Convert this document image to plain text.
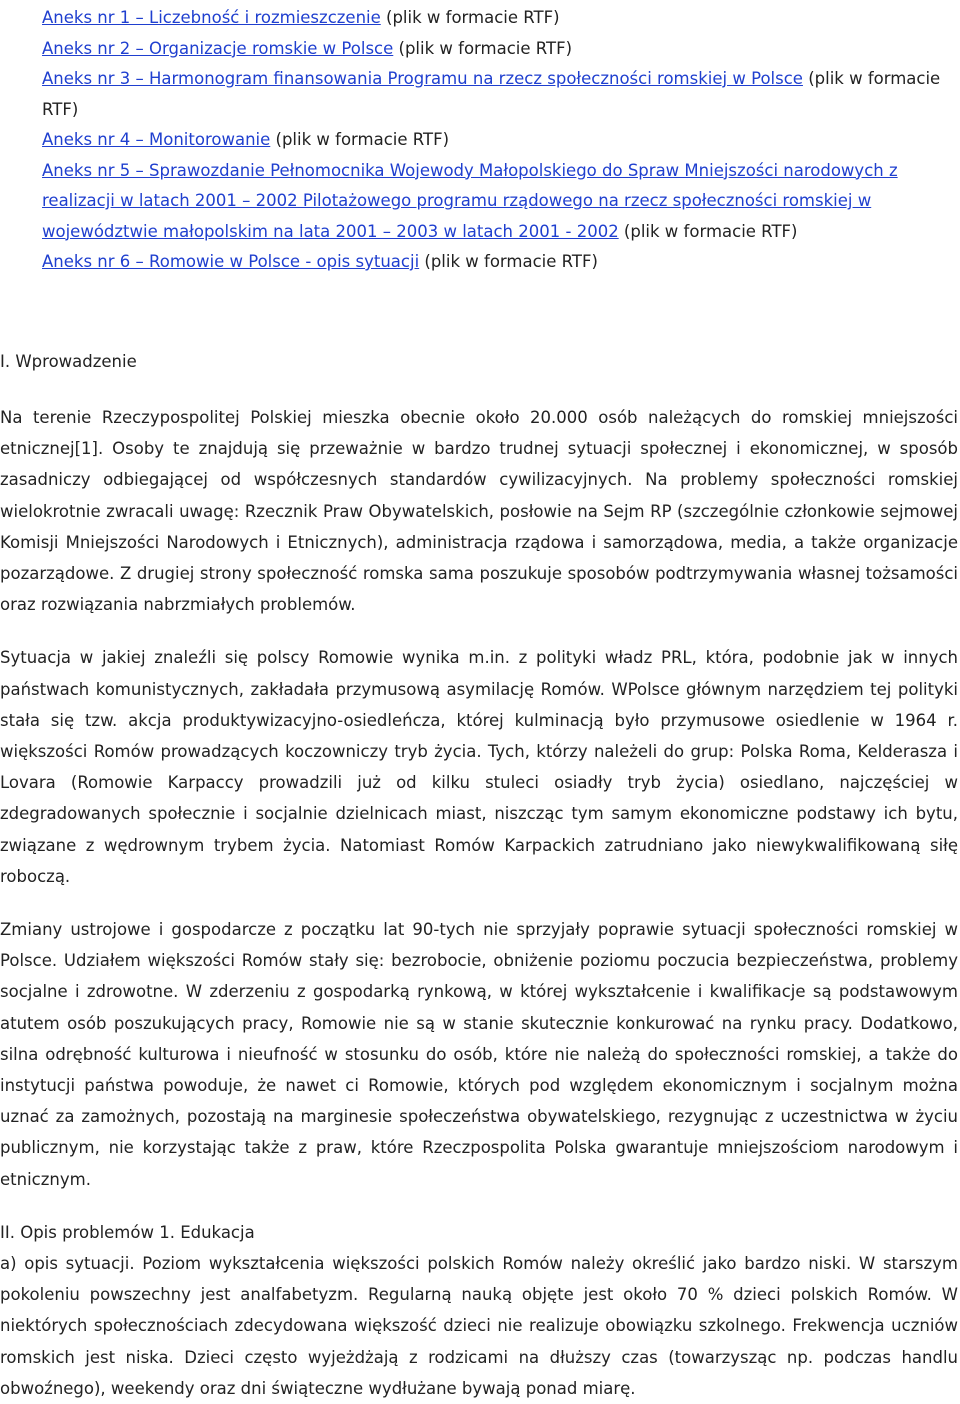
Aneks nr 1 – Liczebność i rozmieszczenie (plik w formacie RTF)
Aneks nr 2 – Organizacje romskie w Polsce (plik w formacie RTF)
Aneks nr 3 – Harmonogram finansowania Programu na rzecz społeczności romskiej w Polsce (plik w formacie RTF)
Aneks nr 4 – Monitorowanie (plik w formacie RTF)
Aneks nr 5 – Sprawozdanie Pełnomocnika Wojewody Małopolskiego do Spraw Mniejszości narodowych z realizacji w latach 2001 – 2002 Pilotażowego programu rządowego na rzecz społeczności romskiej w województwie małopolskim na lata 2001 – 2003 w latach 2001 - 2002 (plik w formacie RTF)
Aneks nr 6 – Romowie w Polsce - opis sytuacji (plik w formacie RTF)

I. Wprowadzenie

Na terenie Rzeczypospolitej Polskiej mieszka obecnie około 20.000 osób należących do romskiej mniejszości etnicznej[1]. Osoby te znajdują się przeważnie w bardzo trudnej sytuacji społecznej i ekonomicznej, w sposób zasadniczy odbiegającej od współczesnych standardów cywilizacyjnych. Na problemy społeczności romskiej wielokrotnie zwracali uwagę: Rzecznik Praw Obywatelskich, posłowie na Sejm RP (szczególnie członkowie sejmowej Komisji Mniejszości Narodowych i Etnicznych), administracja rządowa i samorządowa, media, a także organizacje pozarządowe. Z drugiej strony społeczność romska sama poszukuje sposobów podtrzymywania własnej tożsamości oraz rozwiązania nabrzmiałych problemów.

Sytuacja w jakiej znaleźli się polscy Romowie wynika m.in. z polityki władz PRL, która, podobnie jak w innych państwach komunistycznych, zakładała przymusową asymilację Romów. WPolsce głównym narzędziem tej polityki stała się tzw. akcja produktywizacyjno-osiedleńcza, której kulminacją było przymusowe osiedlenie w 1964 r. większości Romów prowadzących koczowniczy tryb życia. Tych, którzy należeli do grup: Polska Roma, Kelderasza i Lovara (Romowie Karpaccy prowadzili już od kilku stuleci osiadły tryb życia) osiedlano, najczęściej w zdegradowanych społecznie i socjalnie dzielnicach miast, niszcząc tym samym ekonomiczne podstawy ich bytu, związane z wędrownym trybem życia. Natomiast Romów Karpackich zatrudniano jako niewykwalifikowaną siłę roboczą.

Zmiany ustrojowe i gospodarcze z początku lat 90-tych nie sprzyjały poprawie sytuacji społeczności romskiej w Polsce. Udziałem większości Romów stały się: bezrobocie, obniżenie poziomu poczucia bezpieczeństwa, problemy socjalne i zdrowotne. W zderzeniu z gospodarką rynkową, w której wykształcenie i kwalifikacje są podstawowym atutem osób poszukujących pracy, Romowie nie są w stanie skutecznie konkurować na rynku pracy. Dodatkowo, silna odrębność kulturowa i nieufność w stosunku do osób, które nie należą do społeczności romskiej, a także do instytucji państwa powoduje, że nawet ci Romowie, których pod względem ekonomicznym i socjalnym można uznać za zamożnych, pozostają na marginesie społeczeństwa obywatelskiego, rezygnując z uczestnictwa w życiu publicznym, nie korzystając także z praw, które Rzeczpospolita Polska gwarantuje mniejszościom narodowym i etnicznym.

II. Opis problemów 1. Edukacja

a) opis sytuacji. Poziom wykształcenia większości polskich Romów należy określić jako bardzo niski. W starszym pokoleniu powszechny jest analfabetyzm. Regularną nauką objęte jest około 70 % dzieci polskich Romów. W niektórych społecznościach zdecydowana większość dzieci nie realizuje obowiązku szkolnego. Frekwencja uczniów romskich jest niska. Dzieci często wyjeżdżają z rodzicami na dłuższy czas (towarzysząc np. podczas handlu obwoźnego), weekendy oraz dni świąteczne wydłużane bywają ponad miarę.
